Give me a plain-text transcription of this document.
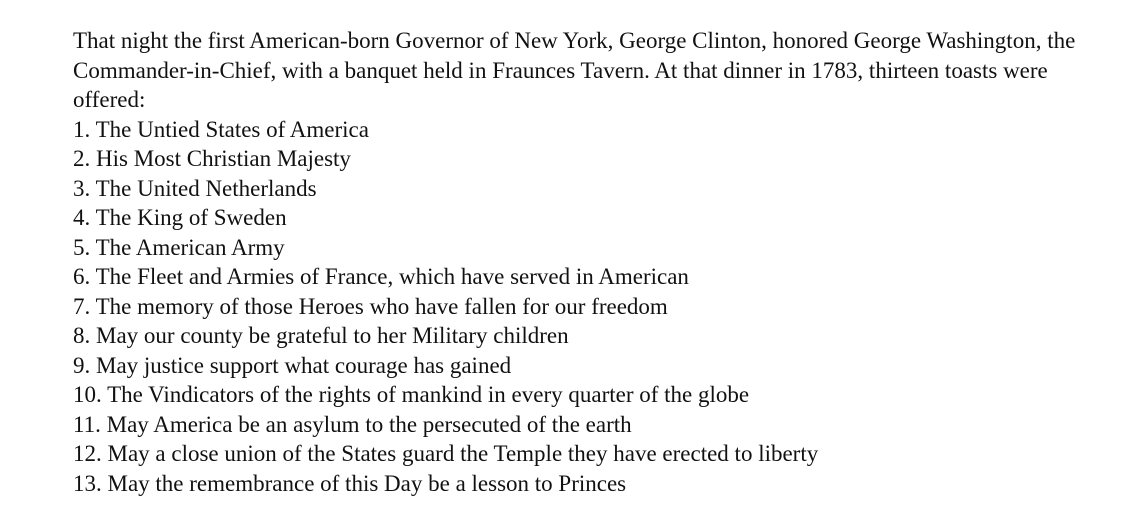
That night the first American-born Governor of New York, George Clinton, honored George Washington, the Commander-in-Chief, with a banquet held in Fraunces Tavern. At that dinner in 1783, thirteen toasts were offered:

1. The Untied States of America
2. His Most Christian Majesty
3. The United Netherlands
4. The King of Sweden
5. The American Army
6. The Fleet and Armies of France, which have served in American
7. The memory of those Heroes who have fallen for our freedom
8. May our county be grateful to her Military children
9. May justice support what courage has gained
10. The Vindicators of the rights of mankind in every quarter of the globe
11. May America be an asylum to the persecuted of the earth
12. May a close union of the States guard the Temple they have erected to liberty
13. May the remembrance of this Day be a lesson to Princes
